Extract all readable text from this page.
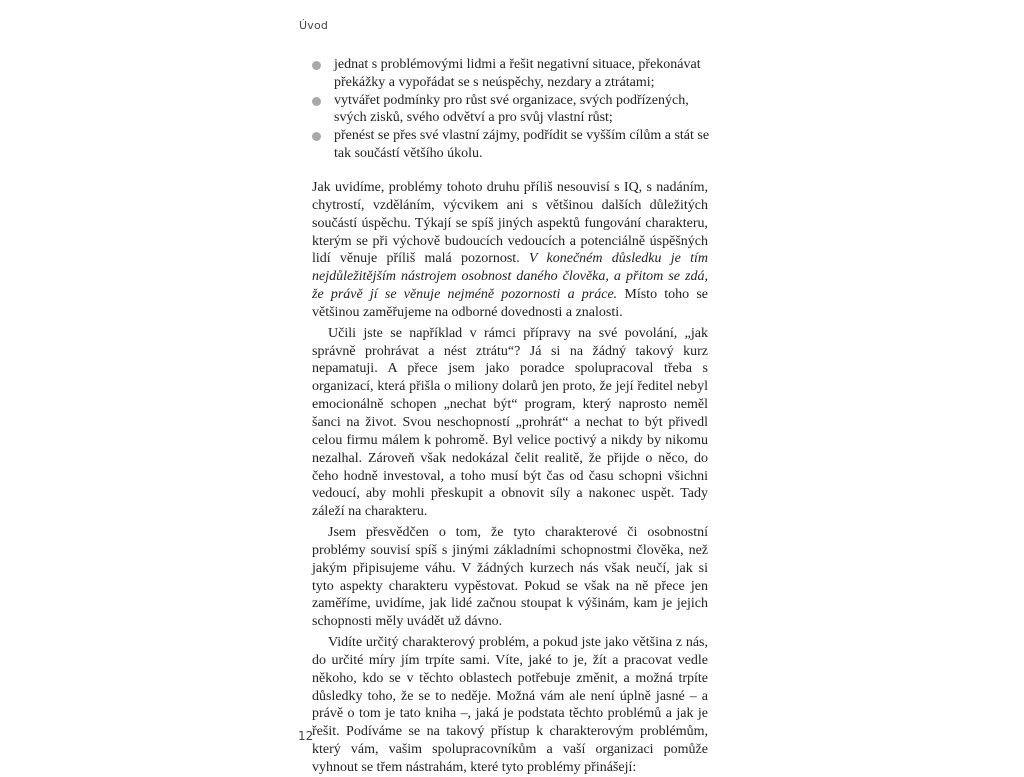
Úvod
jednat s problémovými lidmi a řešit negativní situace, překonávat překážky a vypořádat se s neúspěchy, nezdary a ztrátami;
vytvářet podmínky pro růst své organizace, svých podřízených, svých zisků, svého odvětví a pro svůj vlastní růst;
přenést se přes své vlastní zájmy, podřídit se vyšším cílům a stát se tak součástí většího úkolu.

Jak uvidíme, problémy tohoto druhu příliš nesouvisí s IQ, s nadáním, chytrostí, vzděláním, výcvikem ani s většinou dalších důležitých součástí úspěchu. Týkají se spíš jiných aspektů fungování charakteru, kterým se při výchově budoucích vedoucích a potenciálně úspěšných lidí věnuje příliš malá pozornost. V konečném důsledku je tím nejdůležitějším nástrojem osobnost daného člověka, a přitom se zdá, že právě jí se věnuje nejméně pozornosti a práce. Místo toho se většinou zaměřujeme na odborné dovednosti a znalosti.

Učili jste se například v rámci přípravy na své povolání, „jak správně prohrávat a nést ztrátu“? Já si na žádný takový kurz nepamatuji. A přece jsem jako poradce spolupracoval třeba s organizací, která přišla o miliony dolarů jen proto, že její ředitel nebyl emocionálně schopen „nechat být“ program, který naprosto neměl šanci na život. Svou neschopností „prohrát“ a nechat to být přivedl celou firmu málem k pohromě. Byl velice poctivý a nikdy by nikomu nezalhal. Zároveň však nedokázal čelit realitě, že přijde o něco, do čeho hodně investoval, a toho musí být čas od času schopni všichni vedoucí, aby mohli přeskupit a obnovit síly a nakonec uspět. Tady záleží na charakteru.

Jsem přesvědčen o tom, že tyto charakterové či osobnostní problémy souvisí spíš s jinými základními schopnostmi člověka, než jakým připisujeme váhu. V žádných kurzech nás však neučí, jak si tyto aspekty charakteru vypěstovat. Pokud se však na ně přece jen zaměříme, uvidíme, jak lidé začnou stoupat k výšinám, kam je jejich schopnosti měly uvádět už dávno.

Vidíte určitý charakterový problém, a pokud jste jako většina z nás, do určité míry jím trpíte sami. Víte, jaké to je, žít a pracovat vedle někoho, kdo se v těchto oblastech potřebuje změnit, a možná trpíte důsledky toho, že se to neděje. Možná vám ale není úplně jasné – a právě o tom je tato kniha –, jaká je podstata těchto problémů a jak je řešit. Podíváme se na takový přístup k charakterovým problémům, který vám, vašim spolupracovníkům a vaší organizaci pomůže vyhnout se třem nástrahám, které tyto problémy přinášejí:

12
